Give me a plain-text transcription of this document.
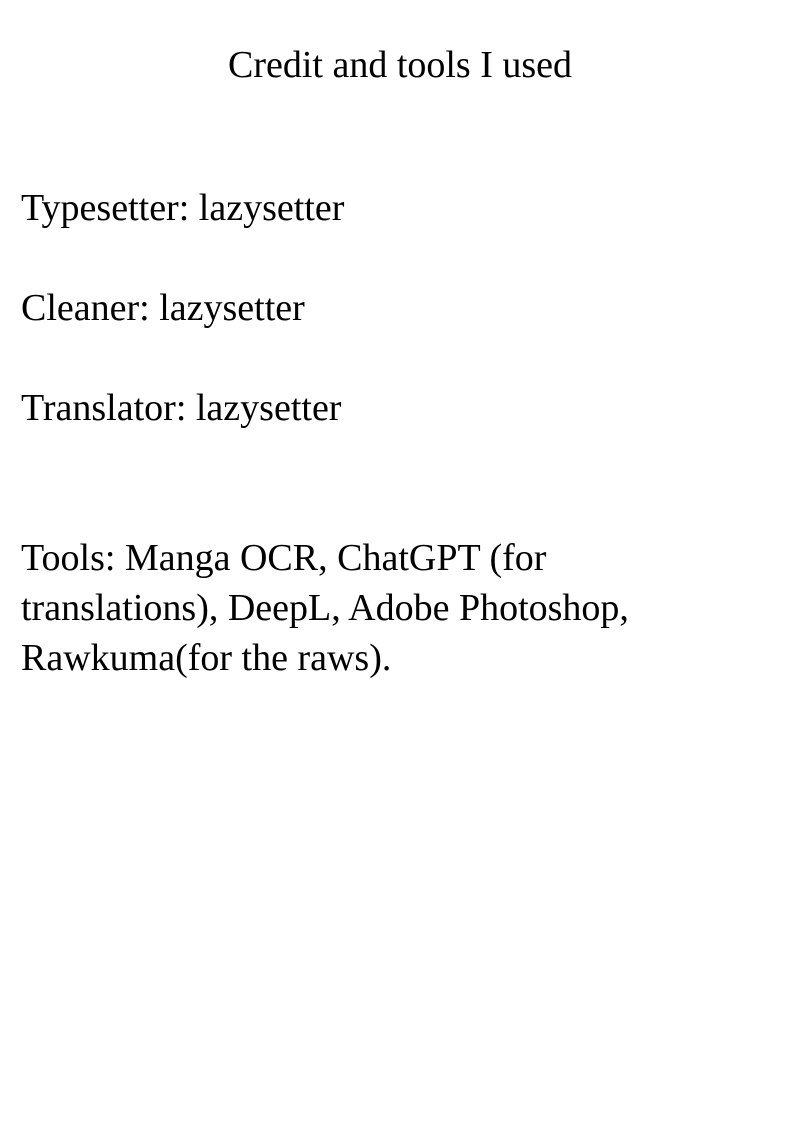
Credit and tools I used
Typesetter: lazysetter
Cleaner: lazysetter
Translator: lazysetter
Tools: Manga OCR, ChatGPT (for
translations), DeepL, Adobe Photoshop,
Rawkuma(for the raws).
